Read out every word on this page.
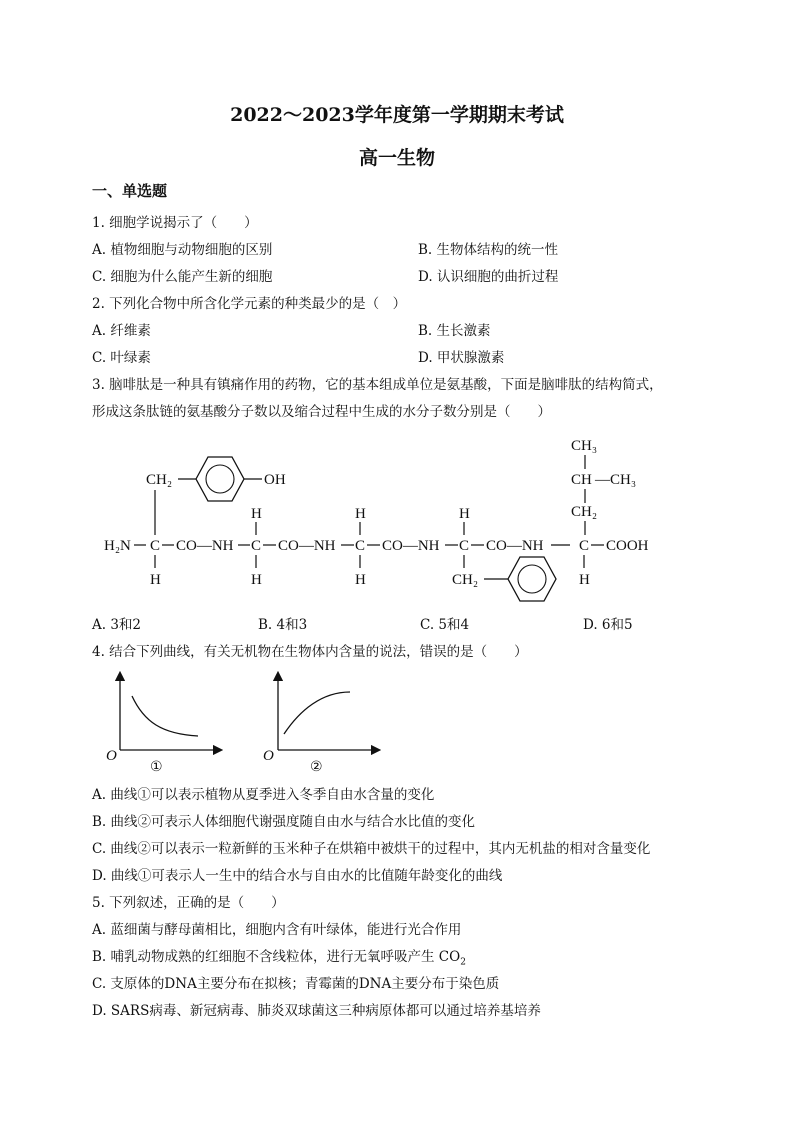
2022～2023学年度第一学期期末考试
高一生物
一、单选题
1. 细胞学说揭示了（　　）
A. 植物细胞与动物细胞的区别	B. 生物体结构的统一性
C. 细胞为什么能产生新的细胞	D. 认识细胞的曲折过程
2. 下列化合物中所含化学元素的种类最少的是（　）
A. 纤维素	B. 生长激素
C. 叶绿素	D. 甲状腺激素
3. 脑啡肽是一种具有镇痛作用的药物，它的基本组成单位是氨基酸，下面是脑啡肽的结构简式，
形成这条肽链的氨基酸分子数以及缩合过程中生成的水分子数分别是（　　）
CH₃
CH —CH₃
CH₂
CH₂	OH
H	H	H
H₂N C CO—NH C CO—NH C CO—NH C CO—NH C COOH
H	H	H	H
CH₂
A. 3和2	B. 4和3	C. 5和4	D. 6和5
4. 结合下列曲线，有关无机物在生物体内含量的说法，错误的是（　　）
O
①
O
②
A. 曲线①可以表示植物从夏季进入冬季自由水含量的变化
B. 曲线②可表示人体细胞代谢强度随自由水与结合水比值的变化
C. 曲线②可以表示一粒新鲜的玉米种子在烘箱中被烘干的过程中，其内无机盐的相对含量变化
D. 曲线①可表示人一生中的结合水与自由水的比值随年龄变化的曲线
5. 下列叙述，正确的是（　　）
A. 蓝细菌与酵母菌相比，细胞内含有叶绿体，能进行光合作用
B. 哺乳动物成熟的红细胞不含线粒体，进行无氧呼吸产生 $CO_2$
C. 支原体的DNA主要分布在拟核；青霉菌的DNA主要分布于染色质
D. SARS病毒、新冠病毒、肺炎双球菌这三种病原体都可以通过培养基培养
